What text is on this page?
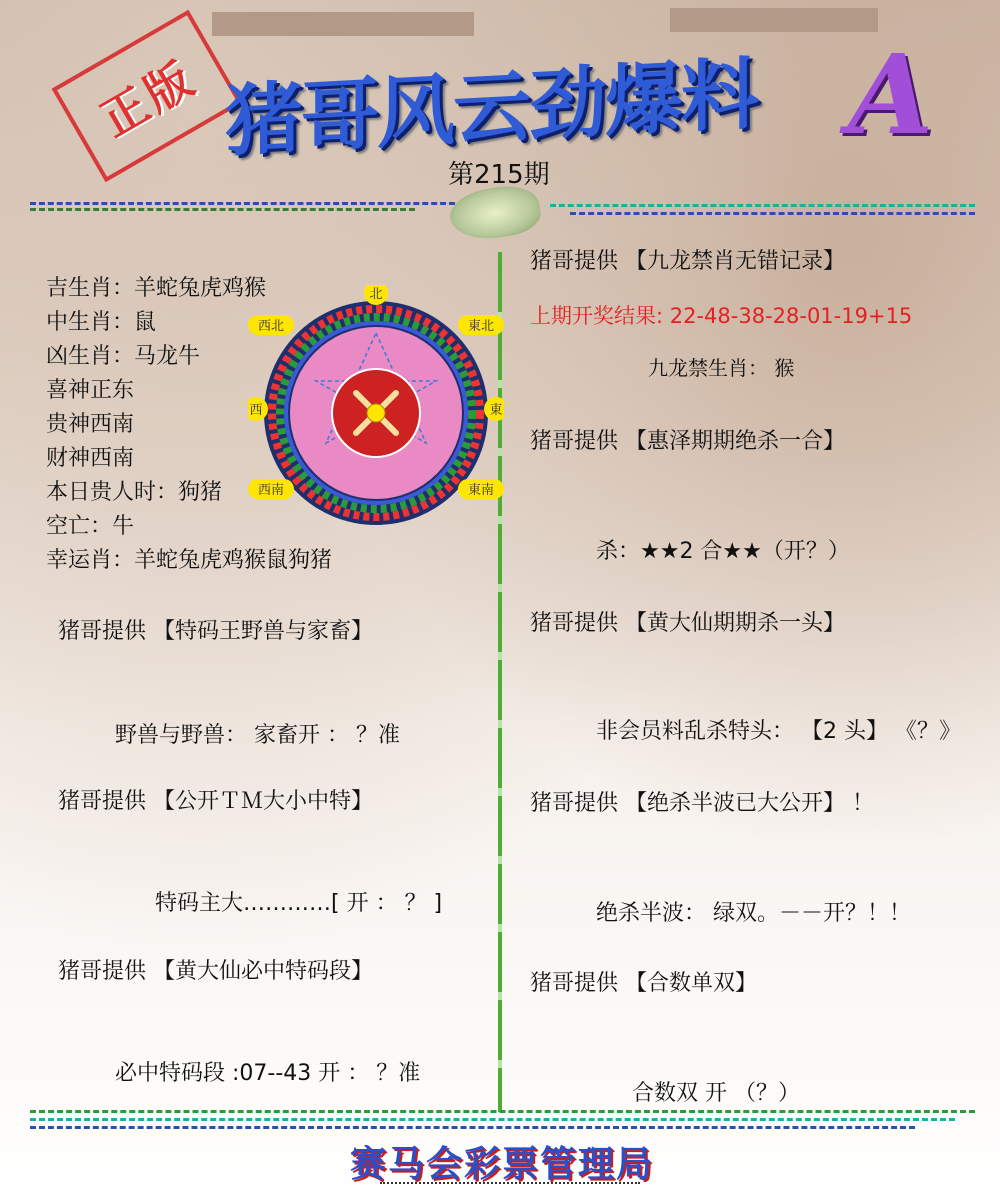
正版 猪哥风云劲爆料 A
第215期
吉生肖：羊蛇兔虎鸡猴
中生肖：鼠
凶生肖：马龙牛
喜神正东
贵神西南
财神西南
本日贵人时：狗猪
空亡：牛
幸运肖：羊蛇兔虎鸡猴鼠狗猪
北
西	東
西北	東北
西南	東南
猪哥提供 【特码王野兽与家畜】
野兽与野兽： 家畜开 ： ？准
猪哥提供 【公开ＴＭ大小中特】
特码主大…………[ 开 ： ？ ]
猪哥提供 【黄大仙必中特码段】
必中特码段 :07--43 开 ： ？准
猪哥提供 【九龙禁肖无错记录】
上期开奖结果: 22-48-38-28-01-19+15
九龙禁生肖： 猴
猪哥提供 【惠泽期期绝杀一合】
杀：★★2 合★★（开？）
猪哥提供 【黄大仙期期杀一头】
非会员料乱杀特头： 【2 头】 《？》
猪哥提供 【绝杀半波已大公开】 ！
绝杀半波： 绿双。－－开？！！
猪哥提供 【合数单双】
合数双 开 （？）
赛马会彩票管理局
